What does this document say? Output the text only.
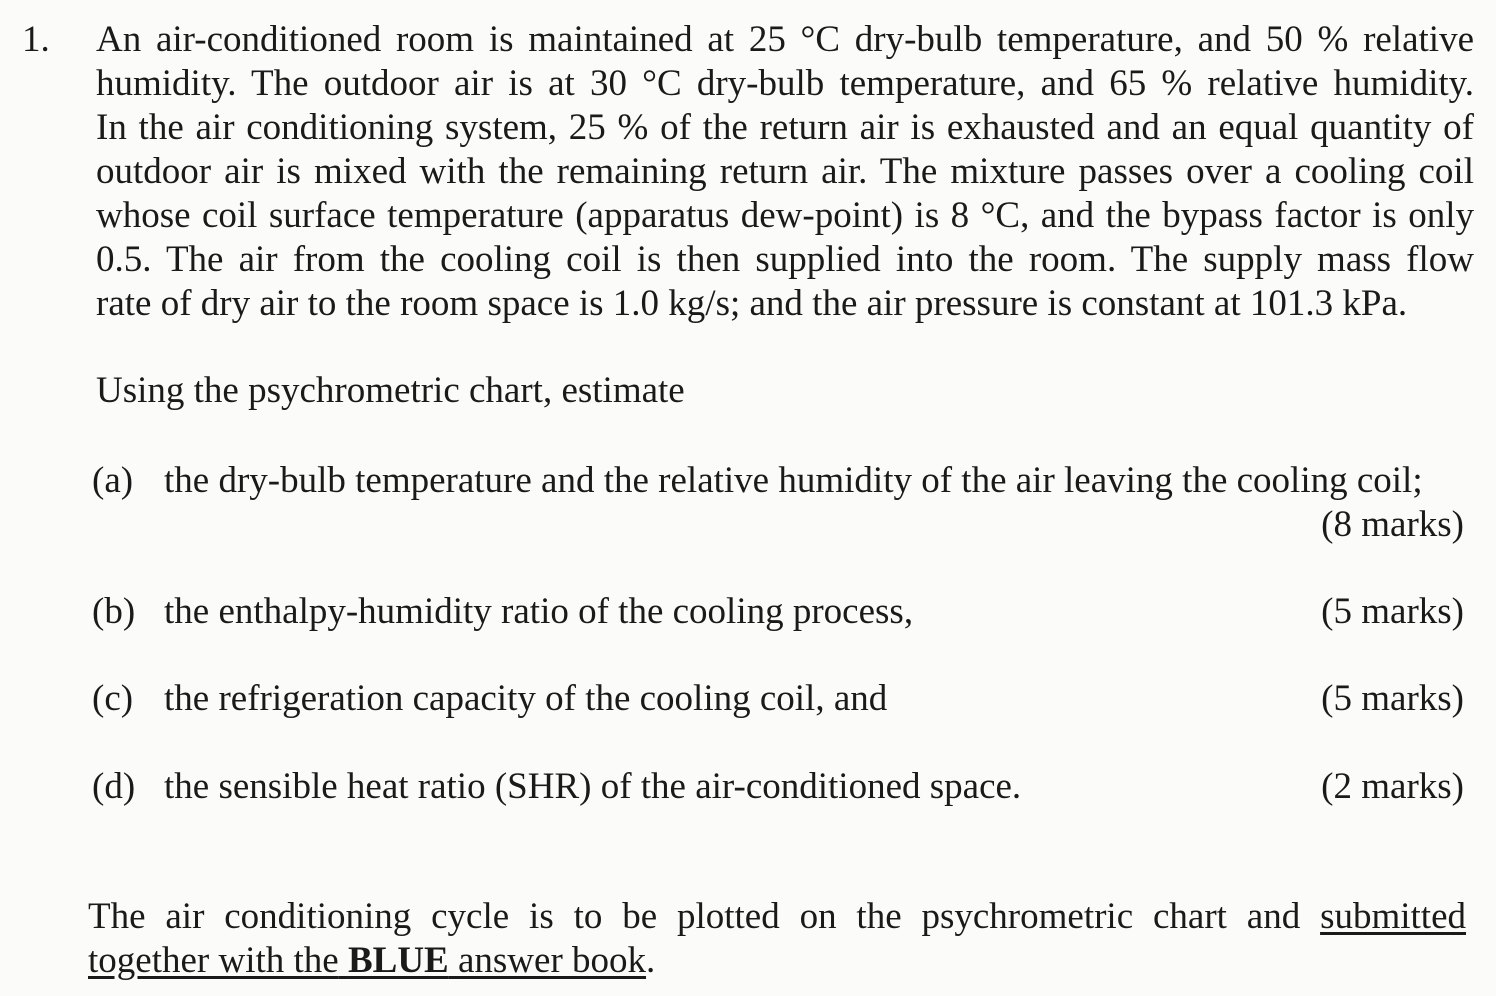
1. An air-conditioned room is maintained at 25 °C dry-bulb temperature, and 50 % relative
humidity. The outdoor air is at 30 °C dry-bulb temperature, and 65 % relative humidity.
In the air conditioning system, 25 % of the return air is exhausted and an equal quantity of
outdoor air is mixed with the remaining return air. The mixture passes over a cooling coil
whose coil surface temperature (apparatus dew-point) is 8 °C, and the bypass factor is only
0.5. The air from the cooling coil is then supplied into the room. The supply mass flow
rate of dry air to the room space is 1.0 kg/s; and the air pressure is constant at 101.3 kPa.
Using the psychrometric chart, estimate
(a) the dry-bulb temperature and the relative humidity of the air leaving the cooling coil;
(8 marks)
(b) the enthalpy-humidity ratio of the cooling process,	(5 marks)
(c) the refrigeration capacity of the cooling coil, and	(5 marks)
(d) the sensible heat ratio (SHR) of the air-conditioned space.	(2 marks)
The air conditioning cycle is to be plotted on the psychrometric chart and submitted
together with the BLUE answer book.
